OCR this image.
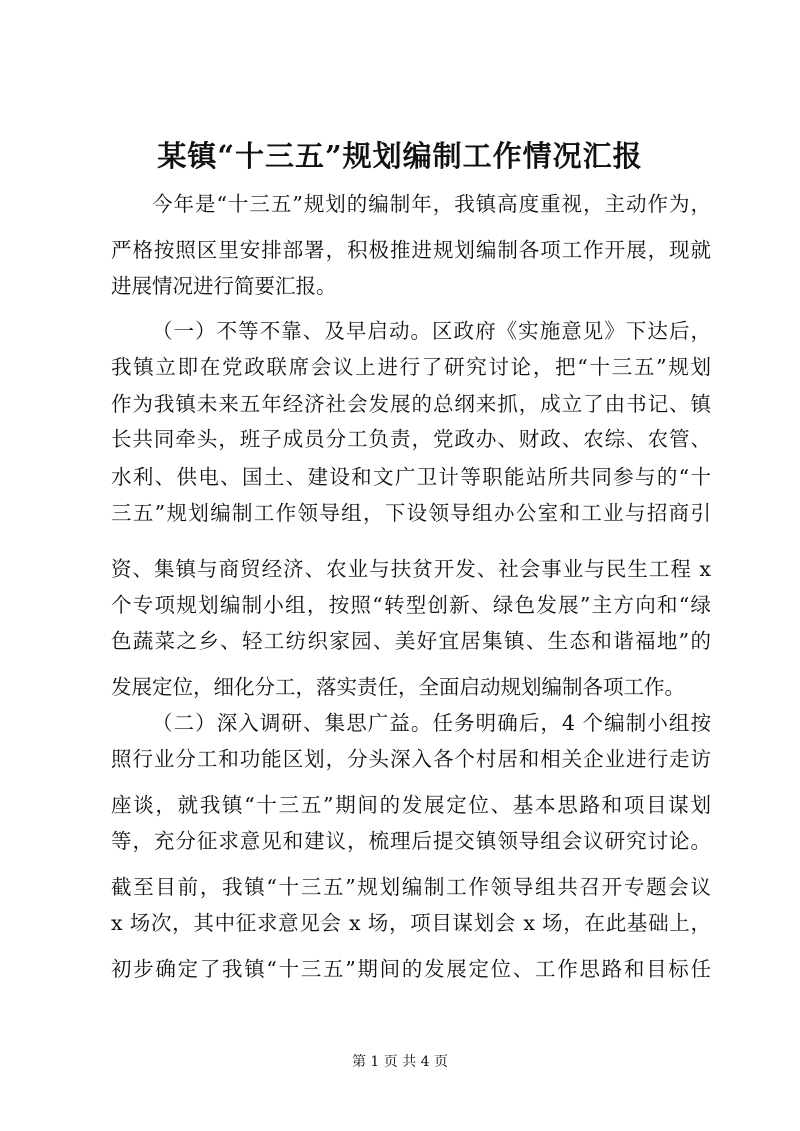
某镇“十三五”规划编制工作情况汇报

今年是“十三五”规划的编制年，我镇高度重视，主动作为，

严格按照区里安排部署，积极推进规划编制各项工作开展，现就

进展情况进行简要汇报。

（一）不等不靠、及早启动。区政府《实施意见》下达后，

我镇立即在党政联席会议上进行了研究讨论，把“十三五”规划

作为我镇未来五年经济社会发展的总纲来抓，成立了由书记、镇

长共同牵头，班子成员分工负责，党政办、财政、农综、农管、

水利、供电、国土、建设和文广卫计等职能站所共同参与的“十

三五”规划编制工作领导组，下设领导组办公室和工业与招商引

资、集镇与商贸经济、农业与扶贫开发、社会事业与民生工程 x

个专项规划编制小组，按照“转型创新、绿色发展”主方向和“绿

色蔬菜之乡、轻工纺织家园、美好宜居集镇、生态和谐福地”的

发展定位，细化分工，落实责任，全面启动规划编制各项工作。

（二）深入调研、集思广益。任务明确后，4 个编制小组按

照行业分工和功能区划，分头深入各个村居和相关企业进行走访

座谈，就我镇“十三五”期间的发展定位、基本思路和项目谋划

等，充分征求意见和建议，梳理后提交镇领导组会议研究讨论。

截至目前，我镇“十三五”规划编制工作领导组共召开专题会议

x 场次，其中征求意见会 x 场，项目谋划会 x 场，在此基础上，

初步确定了我镇“十三五”期间的发展定位、工作思路和目标任

第 1 页 共 4 页
